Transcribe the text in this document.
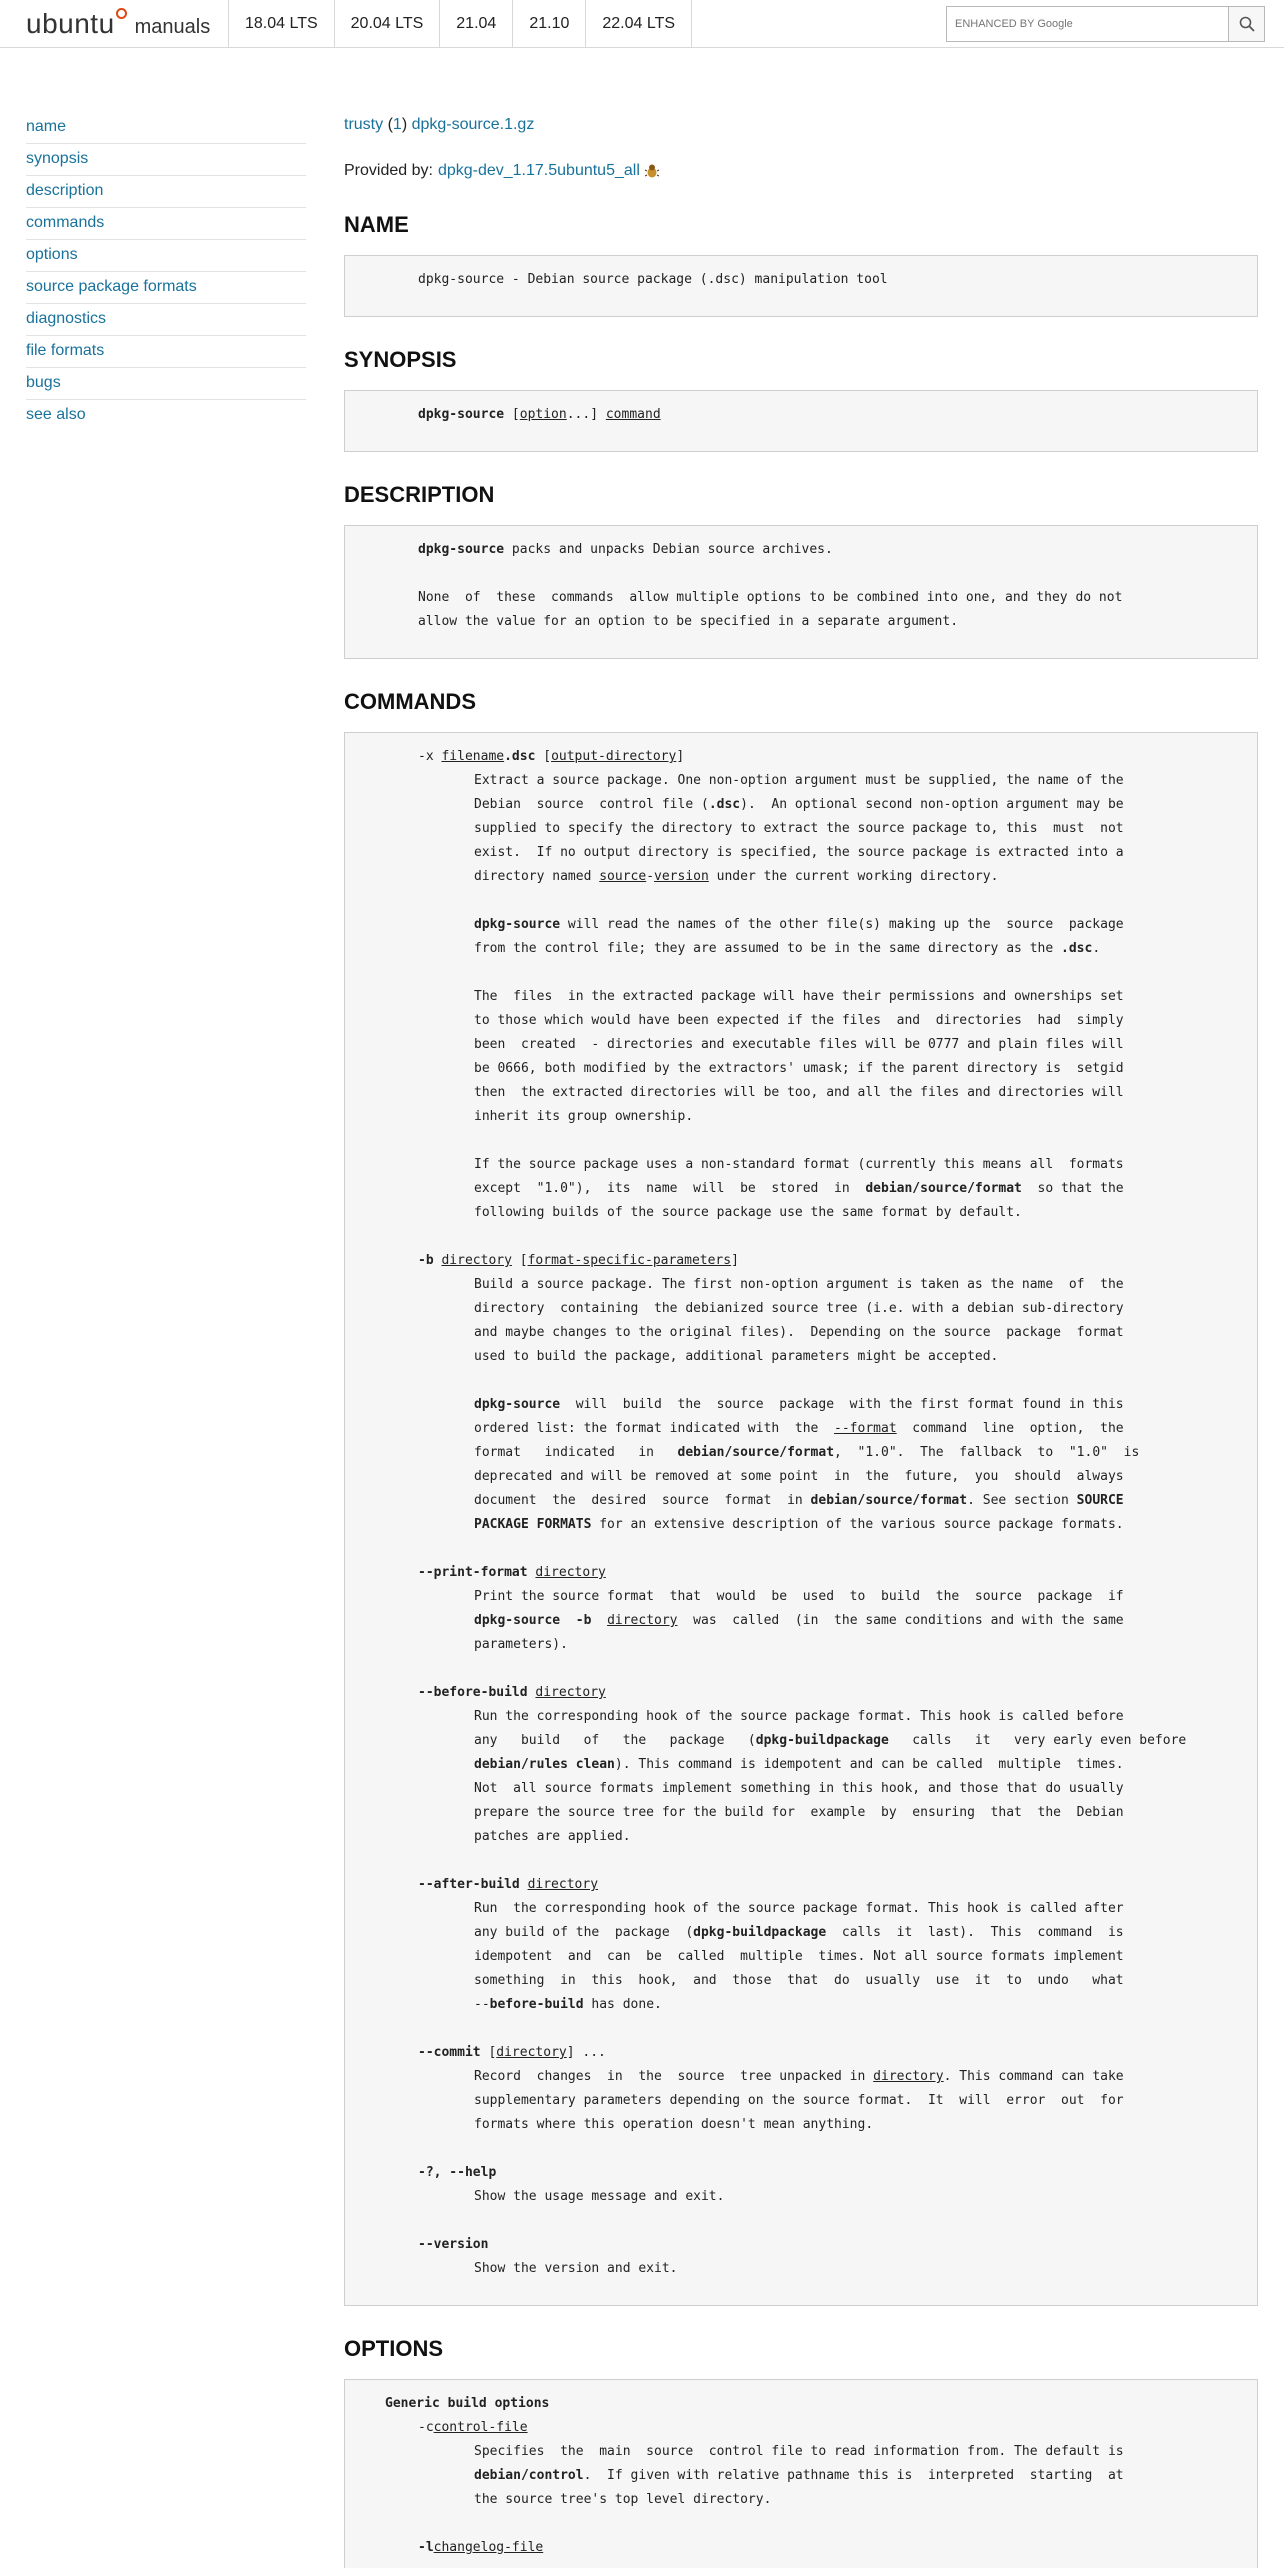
ubuntu manuals	18.04 LTS	20.04 LTS	21.04	21.10	22.04 LTS
ENHANCED BY Google
name
synopsis
description
commands
options
source package formats
diagnostics
file formats
bugs
see also
trusty (1) dpkg-source.1.gz
Provided by: dpkg-dev_1.17.5ubuntu5_all
NAME
dpkg-source - Debian source package (.dsc) manipulation tool
SYNOPSIS
dpkg-source [option...] command
DESCRIPTION
dpkg-source packs and unpacks Debian source archives.
None  of  these  commands  allow multiple options to be combined into one, and they do not
allow the value for an option to be specified in a separate argument.
COMMANDS
-x filename.dsc [output-directory]
Extract a source package. One non-option argument must be supplied, the name of the
Debian  source  control file (.dsc).  An optional second non-option argument may be
supplied to specify the directory to extract the source package to, this  must  not
exist.  If no output directory is specified, the source package is extracted into a
directory named source-version under the current working directory.
dpkg-source will read the names of the other file(s) making up the  source  package
from the control file; they are assumed to be in the same directory as the .dsc.
The  files  in the extracted package will have their permissions and ownerships set
to those which would have been expected if the files  and  directories  had  simply
been  created  - directories and executable files will be 0777 and plain files will
be 0666, both modified by the extractors' umask; if the parent directory is  setgid
then  the extracted directories will be too, and all the files and directories will
inherit its group ownership.
If the source package uses a non-standard format (currently this means all  formats
except  "1.0"),  its  name  will  be  stored  in  debian/source/format  so that the
following builds of the source package use the same format by default.
-b directory [format-specific-parameters]
Build a source package. The first non-option argument is taken as the name  of  the
directory  containing  the debianized source tree (i.e. with a debian sub-directory
and maybe changes to the original files).  Depending on the source  package  format
used to build the package, additional parameters might be accepted.
dpkg-source  will  build  the  source  package  with the first format found in this
ordered list: the format indicated with  the  --format  command  line  option,  the
format   indicated   in   debian/source/format,  "1.0".  The  fallback  to  "1.0"  is
deprecated and will be removed at some point  in  the  future,  you  should  always
document  the  desired  source  format  in debian/source/format. See section SOURCE
PACKAGE FORMATS for an extensive description of the various source package formats.
--print-format directory
Print the source format  that  would  be  used  to  build  the  source  package  if
dpkg-source  -b  directory  was  called  (in  the same conditions and with the same
parameters).
--before-build directory
Run the corresponding hook of the source package format. This hook is called before
any   build   of   the   package   (dpkg-buildpackage   calls   it   very early even before
debian/rules clean). This command is idempotent and can be called  multiple  times.
Not  all source formats implement something in this hook, and those that do usually
prepare the source tree for the build for  example  by  ensuring  that  the  Debian
patches are applied.
--after-build directory
Run  the corresponding hook of the source package format. This hook is called after
any build of the  package  (dpkg-buildpackage  calls  it  last).  This  command  is
idempotent  and  can  be  called  multiple  times. Not all source formats implement
something  in  this  hook,  and  those  that  do  usually  use  it  to  undo   what
--before-build has done.
--commit [directory] ...
Record  changes  in  the  source  tree unpacked in directory. This command can take
supplementary parameters depending on the source format.  It  will  error  out  for
formats where this operation doesn't mean anything.
-?, --help
Show the usage message and exit.
--version
Show the version and exit.
OPTIONS
Generic build options
-ccontrol-file
Specifies  the  main  source  control file to read information from. The default is
debian/control.  If given with relative pathname this is  interpreted  starting  at
the source tree's top level directory.
-lchangelog-file
